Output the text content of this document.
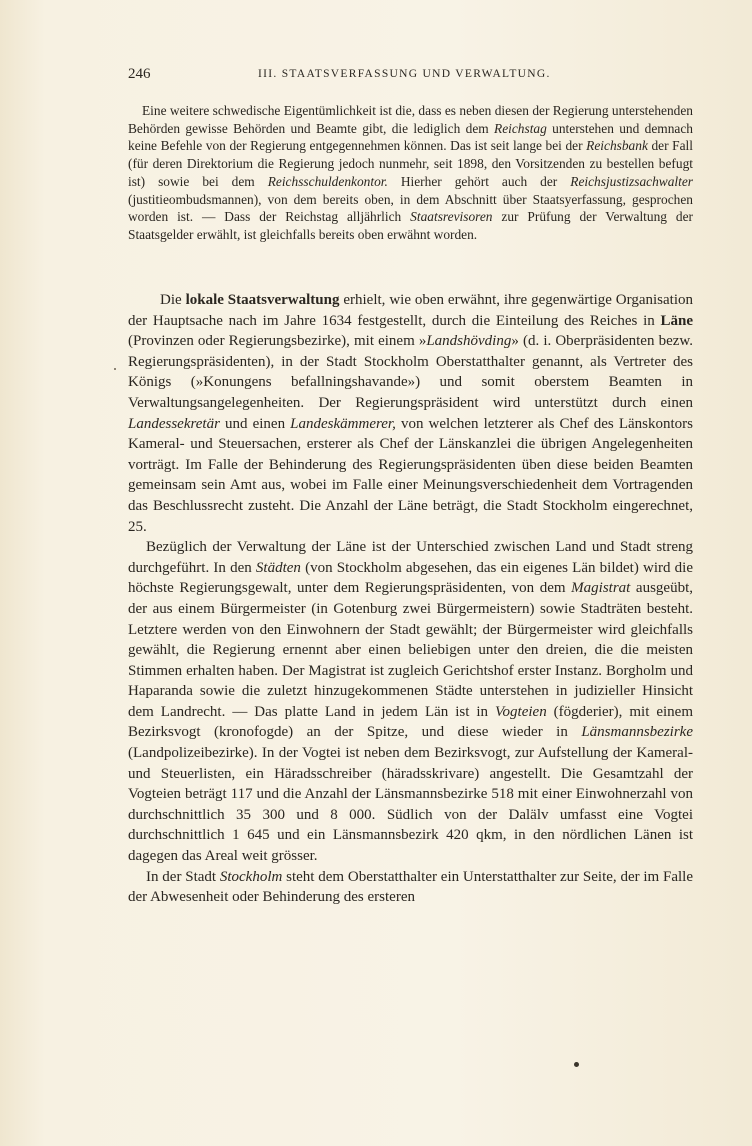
246	III. STAATSVERFASSUNG UND VERWALTUNG.

Eine weitere schwedische Eigentümlichkeit ist die, dass es neben diesen der Regierung unterstehenden Behörden gewisse Behörden und Beamte gibt, die lediglich dem Reichstag unterstehen und demnach keine Befehle von der Regierung entgegennehmen können. Das ist seit lange bei der Reichsbank der Fall (für deren Direktorium die Regierung jedoch nunmehr, seit 1898, den Vorsitzenden zu bestellen befugt ist) sowie bei dem Reichsschuldenkontor. Hierher gehört auch der Reichsjustizsachwalter (justitieombudsmannen), von dem bereits oben, in dem Abschnitt über Staatsyerfassung, gesprochen worden ist. — Dass der Reichstag alljährlich Staatsrevisoren zur Prüfung der Verwaltung der Staatsgelder erwählt, ist gleichfalls bereits oben erwähnt worden.

Die lokale Staatsverwaltung erhielt, wie oben erwähnt, ihre gegenwärtige Organisation der Hauptsache nach im Jahre 1634 festgestellt, durch die Einteilung des Reiches in Läne (Provinzen oder Regierungsbezirke), mit einem »Landshövding» (d. i. Oberpräsidenten bezw. Regierungspräsidenten), in der Stadt Stockholm Oberstatthalter genannt, als Vertreter des Königs (»Konungens befallningshavande») und somit oberstem Beamten in Verwaltungsangelegenheiten. Der Regierungspräsident wird unterstützt durch einen Landessekretär und einen Landeskämmerer, von welchen letzterer als Chef des Länskontors Kameral- und Steuersachen, ersterer als Chef der Länskanzlei die übrigen Angelegenheiten vorträgt. Im Falle der Behinderung des Regierungspräsidenten üben diese beiden Beamten gemeinsam sein Amt aus, wobei im Falle einer Meinungsverschiedenheit dem Vortragenden das Beschlussrecht zusteht. Die Anzahl der Läne beträgt, die Stadt Stockholm eingerechnet, 25.

Bezüglich der Verwaltung der Läne ist der Unterschied zwischen Land und Stadt streng durchgeführt. In den Städten (von Stockholm abgesehen, das ein eigenes Län bildet) wird die höchste Regierungsgewalt, unter dem Regierungspräsidenten, von dem Magistrat ausgeübt, der aus einem Bürgermeister (in Gotenburg zwei Bürgermeistern) sowie Stadträten besteht. Letztere werden von den Einwohnern der Stadt gewählt; der Bürgermeister wird gleichfalls gewählt, die Regierung ernennt aber einen beliebigen unter den dreien, die die meisten Stimmen erhalten haben. Der Magistrat ist zugleich Gerichtshof erster Instanz. Borgholm und Haparanda sowie die zuletzt hinzugekommenen Städte unterstehen in judizieller Hinsicht dem Landrecht. — Das platte Land in jedem Län ist in Vogteien (fögderier), mit einem Bezirksvogt (kronofogde) an der Spitze, und diese wieder in Länsmannsbezirke (Landpolizeibezirke). In der Vogtei ist neben dem Bezirksvogt, zur Aufstellung der Kameral- und Steuerlisten, ein Häradsschreiber (häradsskrivare) angestellt. Die Gesamtzahl der Vogteien beträgt 117 und die Anzahl der Länsmannsbezirke 518 mit einer Einwohnerzahl von durchschnittlich 35 300 und 8 000. Südlich von der Dalälv umfasst eine Vogtei durchschnittlich 1 645 und ein Länsmannsbezirk 420 qkm, in den nördlichen Länen ist dagegen das Areal weit grösser.

In der Stadt Stockholm steht dem Oberstatthalter ein Unterstatthalter zur Seite, der im Falle der Abwesenheit oder Behinderung des ersteren
